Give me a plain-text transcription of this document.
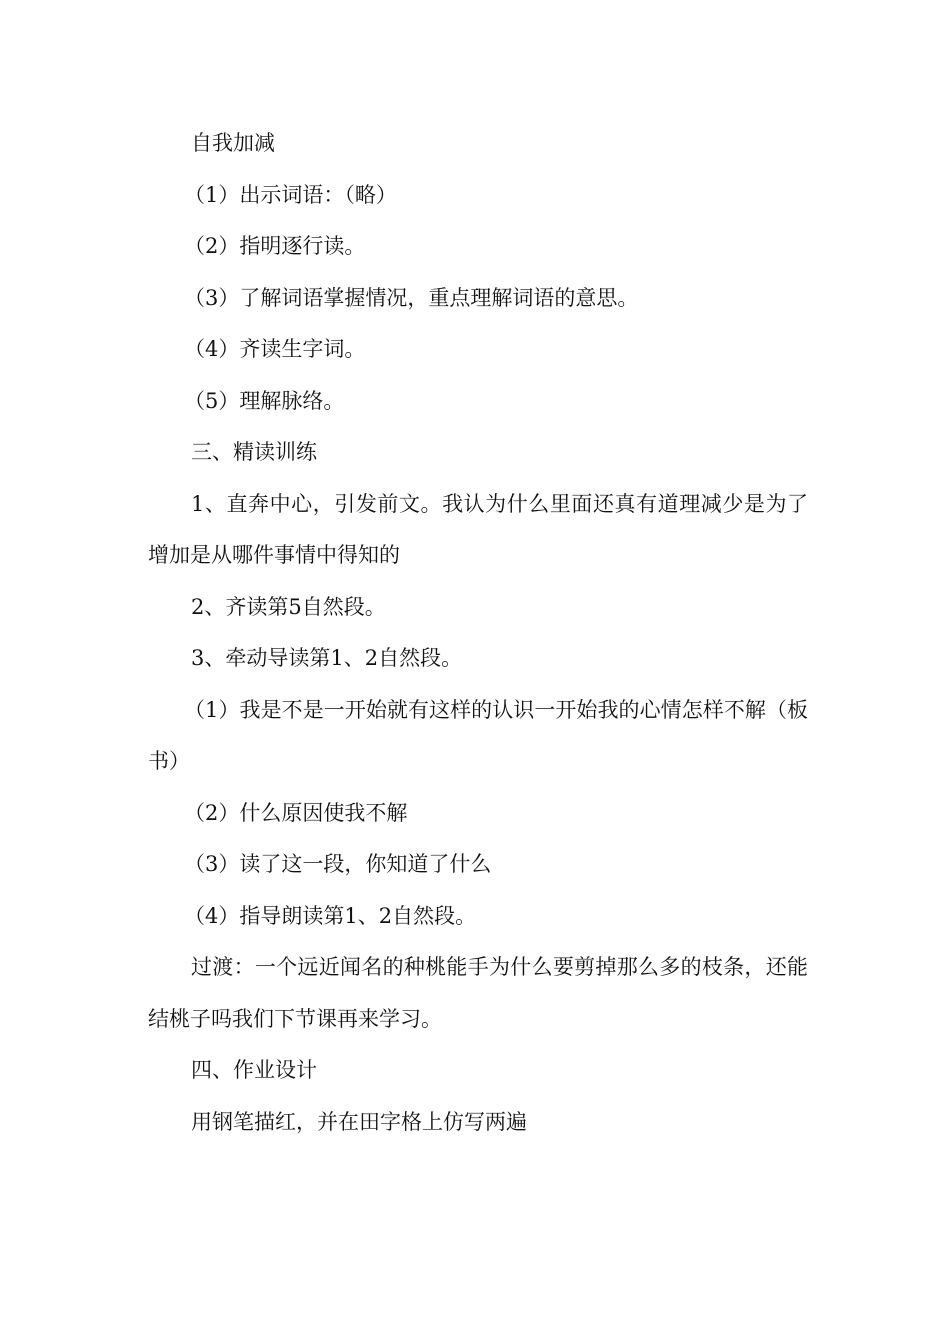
自我加减

（1）出示词语：（略）

（2）指明逐行读。

（3）了解词语掌握情况，重点理解词语的意思。

（4）齐读生字词。

（5）理解脉络。

三、精读训练

1、直奔中心，引发前文。我认为什么里面还真有道理减少是为了增加是从哪件事情中得知的

2、齐读第5自然段。

3、牵动导读第1、2自然段。

（1）我是不是一开始就有这样的认识一开始我的心情怎样不解（板书）

（2）什么原因使我不解

（3）读了这一段，你知道了什么

（4）指导朗读第1、2自然段。

过渡：一个远近闻名的种桃能手为什么要剪掉那么多的枝条，还能结桃子吗我们下节课再来学习。

四、作业设计

用钢笔描红，并在田字格上仿写两遍
